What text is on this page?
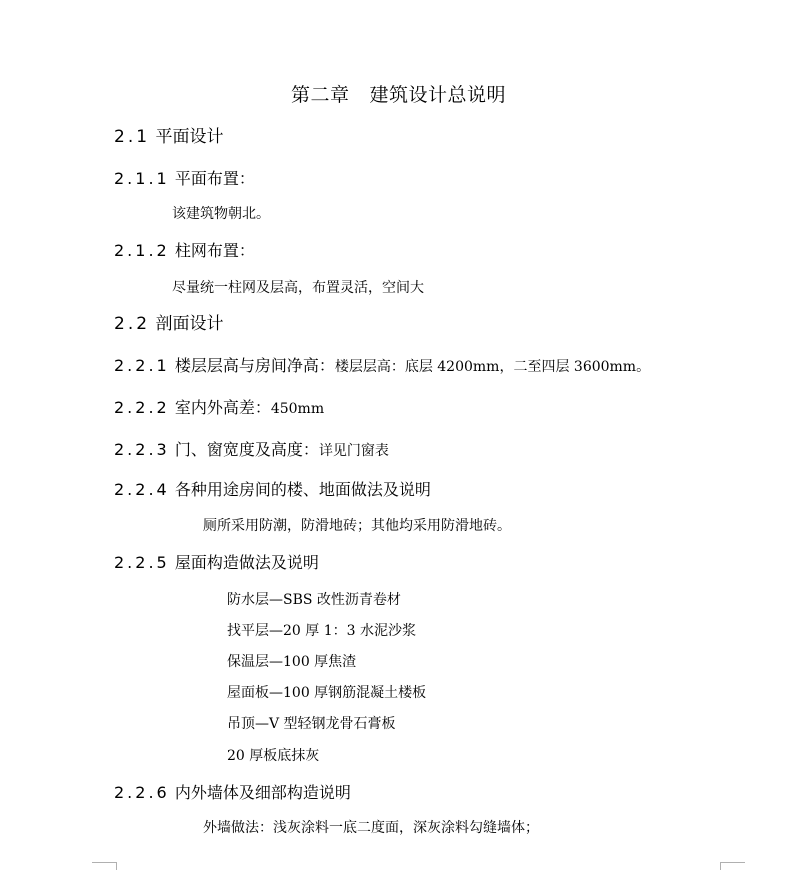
第二章 建筑设计总说明
2.1 平面设计
2.1.1 平面布置：
该建筑物朝北。
2.1.2 柱网布置：
尽量统一柱网及层高，布置灵活，空间大
2.2 剖面设计
2.2.1 楼层层高与房间净高：楼层层高：底层 4200mm，二至四层 3600mm。
2.2.2 室内外高差：450mm
2.2.3 门、窗宽度及高度：详见门窗表
2.2.4 各种用途房间的楼、地面做法及说明
厕所采用防潮，防滑地砖；其他均采用防滑地砖。
2.2.5 屋面构造做法及说明
防水层—SBS 改性沥青卷材
找平层—20 厚 1：3 水泥沙浆
保温层—100 厚焦渣
屋面板—100 厚钢筋混凝土楼板
吊顶—V 型轻钢龙骨石膏板
20 厚板底抹灰
2.2.6 内外墙体及细部构造说明
外墙做法：浅灰涂料一底二度面，深灰涂料勾缝墙体；
